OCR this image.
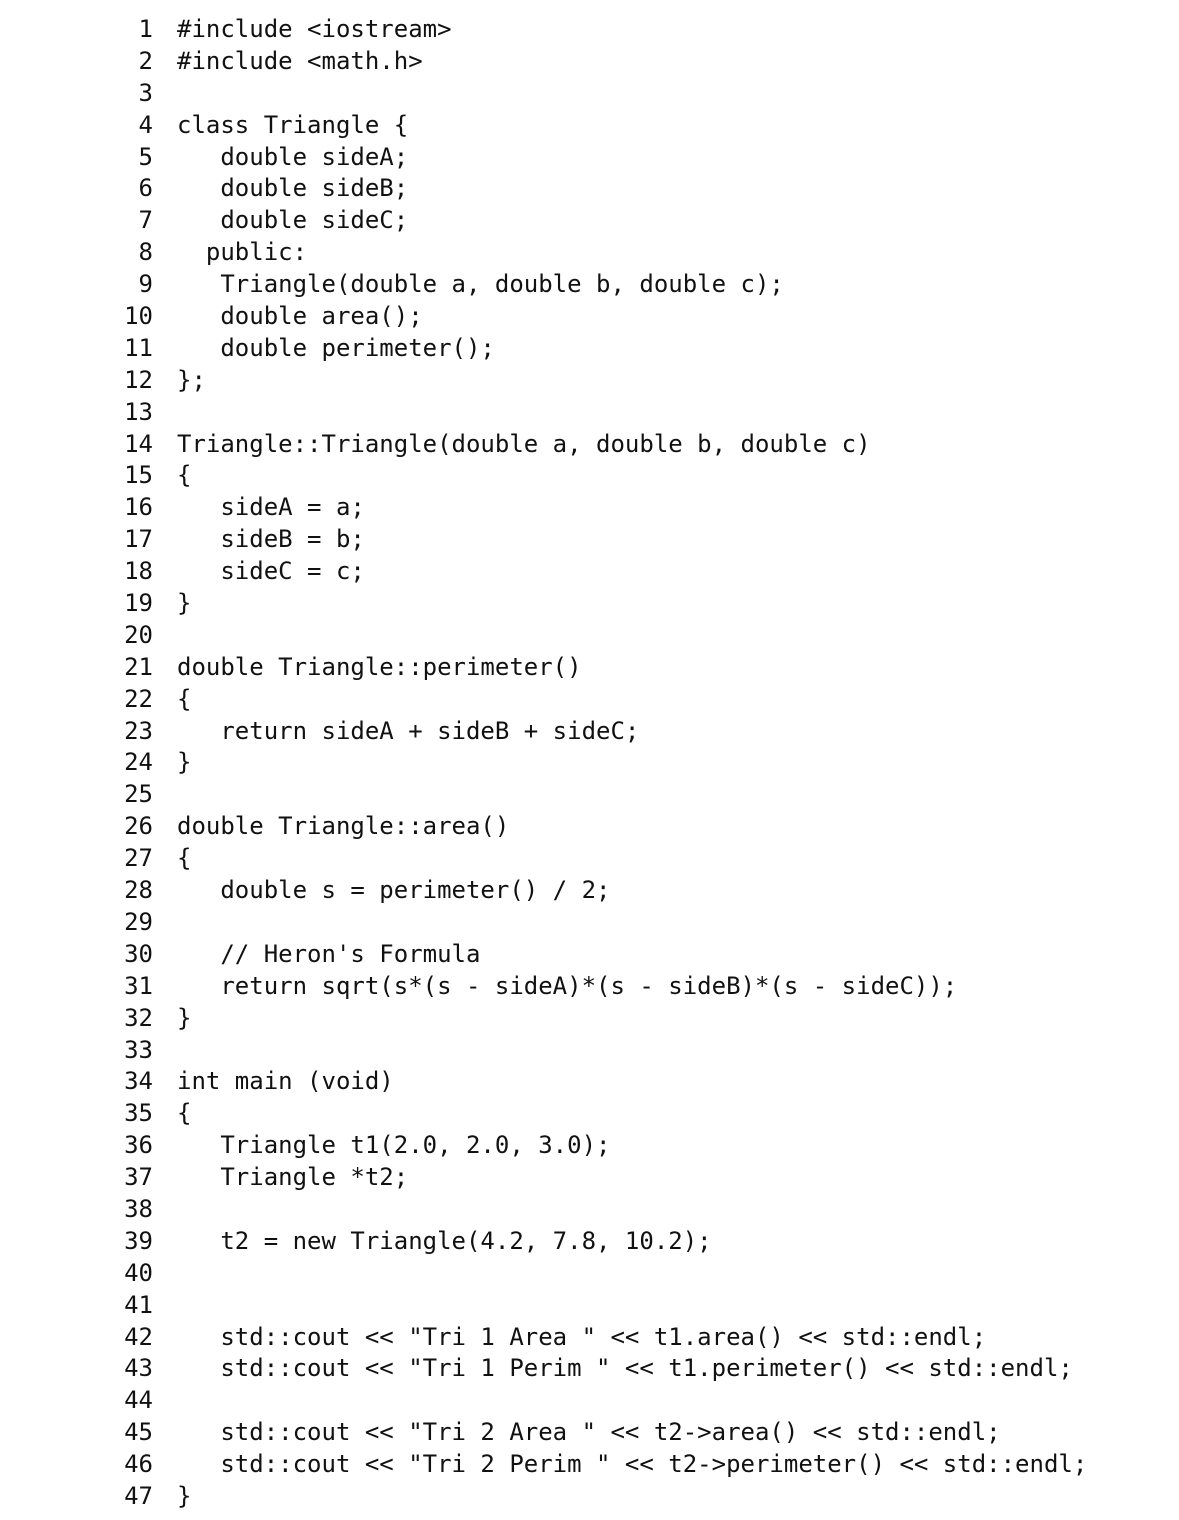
1	#include <iostream>
2	#include <math.h>
3
4	class Triangle {
5	double sideA;
6	double sideB;
7	double sideC;
8	public:
9	Triangle(double a, double b, double c);
10	double area();
11	double perimeter();
12	};
13
14	Triangle::Triangle(double a, double b, double c)
15	{
16	sideA = a;
17	sideB = b;
18	sideC = c;
19	}
20
21	double Triangle::perimeter()
22	{
23	return sideA + sideB + sideC;
24	}
25
26	double Triangle::area()
27	{
28	double s = perimeter() / 2;
29
30	// Heron's Formula
31	return sqrt(s*(s - sideA)*(s - sideB)*(s - sideC));
32	}
33
34	int main (void)
35	{
36	Triangle t1(2.0, 2.0, 3.0);
37	Triangle *t2;
38
39	t2 = new Triangle(4.2, 7.8, 10.2);
40
41
42	std::cout << "Tri 1 Area " << t1.area() << std::endl;
43	std::cout << "Tri 1 Perim " << t1.perimeter() << std::endl;
44
45	std::cout << "Tri 2 Area " << t2->area() << std::endl;
46	std::cout << "Tri 2 Perim " << t2->perimeter() << std::endl;
47	}
